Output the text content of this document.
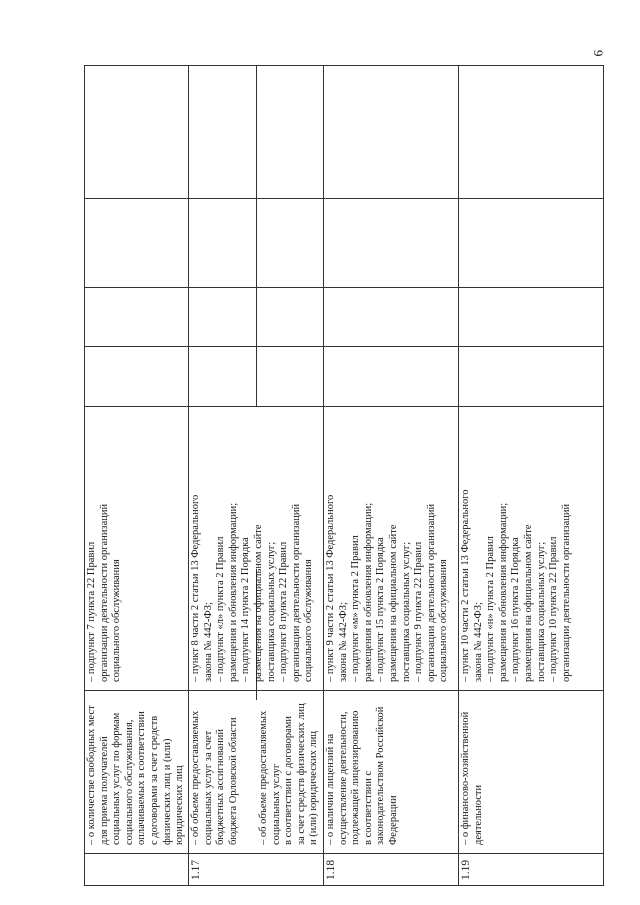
9
– о количестве свободных мест
для приема получателей
социальных услуг по формам
социального обслуживания,
оплачиваемых в соответствии
с договорами за счет средств
физических лиц и (или)
юридических лиц
– подпункт 7 пункта 22 Правил
организации деятельности организаций
социального обслуживания
1.17
– об объеме предоставляемых
социальных услуг за счет
бюджетных ассигнований
бюджета Орловской области
– об объеме предоставляемых
социальных услуг
в соответствии с договорами
за счет средств физических лиц
и (или) юридических лиц
– пункт 8 части 2 статьи 13 Федерального
закона № 442-ФЗ;
– подпункт «л» пункта 2 Правил
размещения и обновления информации;
– подпункт 14 пункта 2 Порядка
размещения на официальном сайте
поставщика социальных услуг;
– подпункт 8 пункта 22 Правил
организации деятельности организаций
социального обслуживания
1.18
– о наличии лицензий на
осуществление деятельности,
подлежащей лицензированию
в соответствии с
законодательством Российской
Федерации
– пункт 9 части 2 статьи 13 Федерального
закона № 442-ФЗ;
– подпункт «м» пункта 2 Правил
размещения и обновления информации;
– подпункт 15 пункта 2 Порядка
размещения на официальном сайте
поставщика социальных услуг;
– подпункт 9 пункта 22 Правил
организации деятельности организаций
социального обслуживания
1.19
– о финансово-хозяйственной
деятельности
– пункт 10 части 2 статьи 13 Федерального
закона № 442-ФЗ;
– подпункт «н» пункта 2 Правил
размещения и обновления информации;
– подпункт 16 пункта 2 Порядка
размещения на официальном сайте
поставщика социальных услуг;
– подпункт 10 пункта 22 Правил
организации деятельности организаций
